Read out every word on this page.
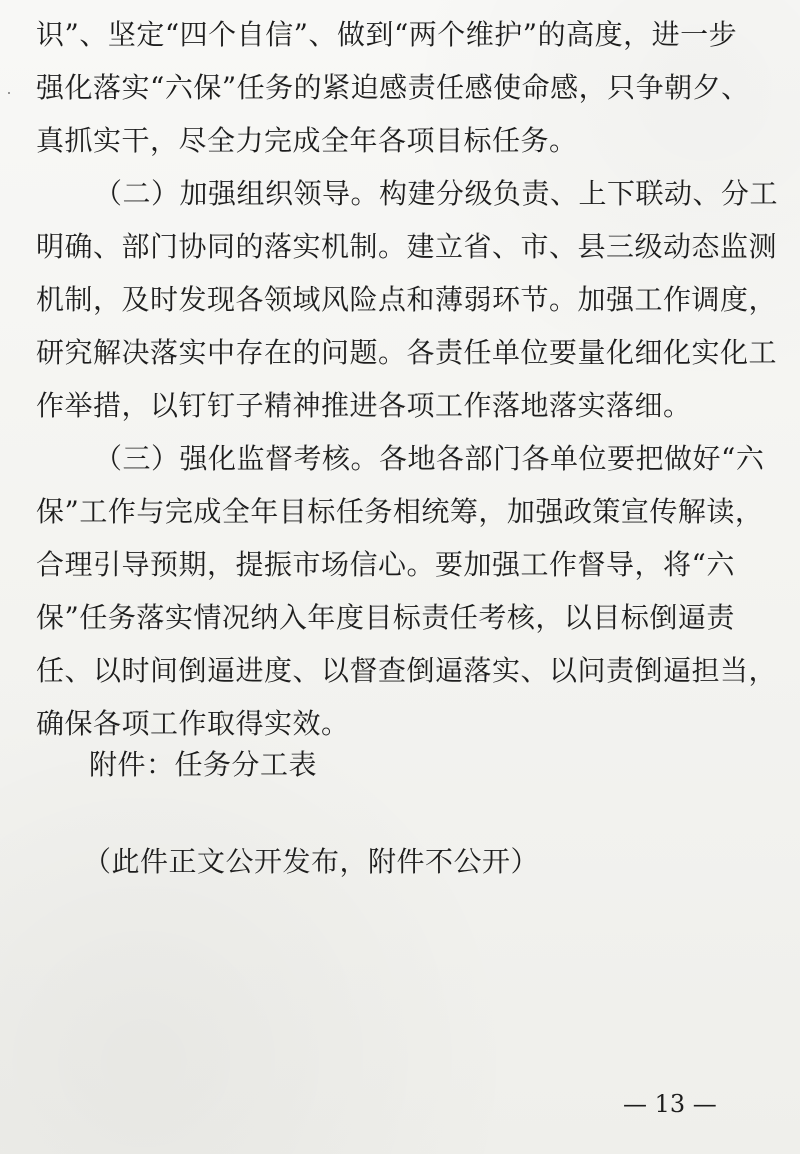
识”、坚定“四个自信”、做到“两个维护”的高度，进一步
强化落实“六保”任务的紧迫感责任感使命感，只争朝夕、
真抓实干，尽全力完成全年各项目标任务。
（二）加强组织领导。构建分级负责、上下联动、分工
明确、部门协同的落实机制。建立省、市、县三级动态监测
机制，及时发现各领域风险点和薄弱环节。加强工作调度，
研究解决落实中存在的问题。各责任单位要量化细化实化工
作举措，以钉钉子精神推进各项工作落地落实落细。
（三）强化监督考核。各地各部门各单位要把做好“六
保”工作与完成全年目标任务相统筹，加强政策宣传解读，
合理引导预期，提振市场信心。要加强工作督导，将“六
保”任务落实情况纳入年度目标责任考核，以目标倒逼责
任、以时间倒逼进度、以督查倒逼落实、以问责倒逼担当，
确保各项工作取得实效。
附件：任务分工表
（此件正文公开发布，附件不公开）
— 13 —
